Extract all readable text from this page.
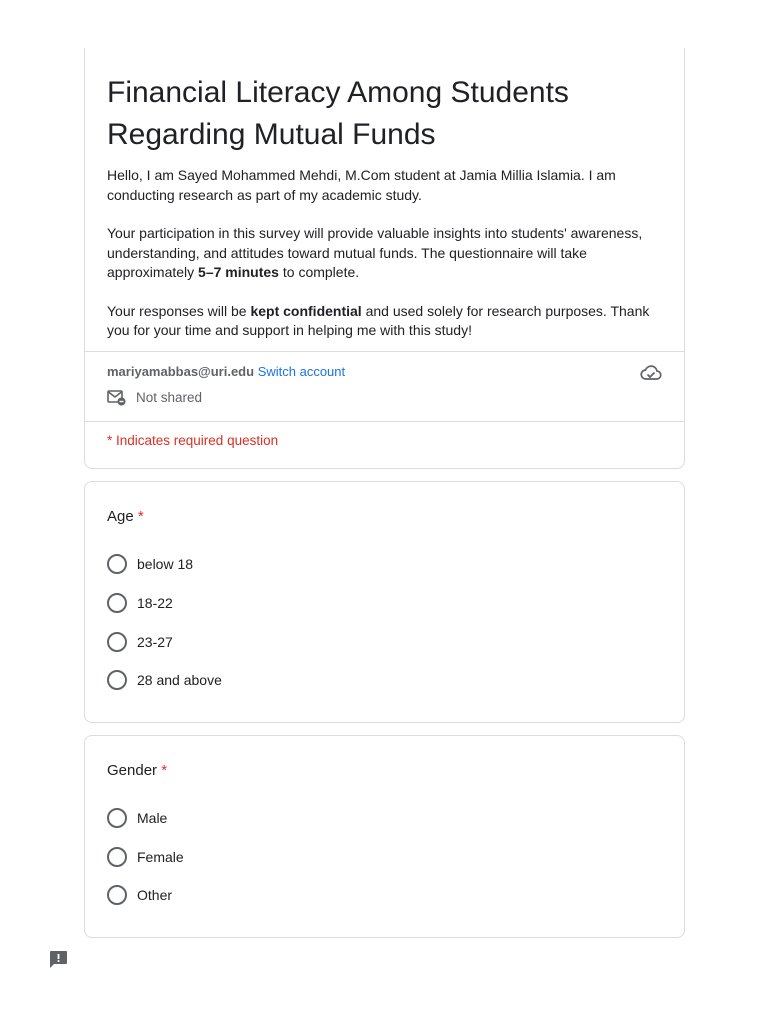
Financial Literacy Among Students Regarding Mutual Funds

Hello, I am Sayed Mohammed Mehdi, M.Com student at Jamia Millia Islamia. I am conducting research as part of my academic study.

Your participation in this survey will provide valuable insights into students' awareness, understanding, and attitudes toward mutual funds. The questionnaire will take approximately 5–7 minutes to complete.

Your responses will be kept confidential and used solely for research purposes. Thank you for your time and support in helping me with this study!

mariyamabbas@uri.edu Switch account
Not shared
* Indicates required question
Age *
below 18
18-22
23-27
28 and above
Gender *
Male
Female
Other
